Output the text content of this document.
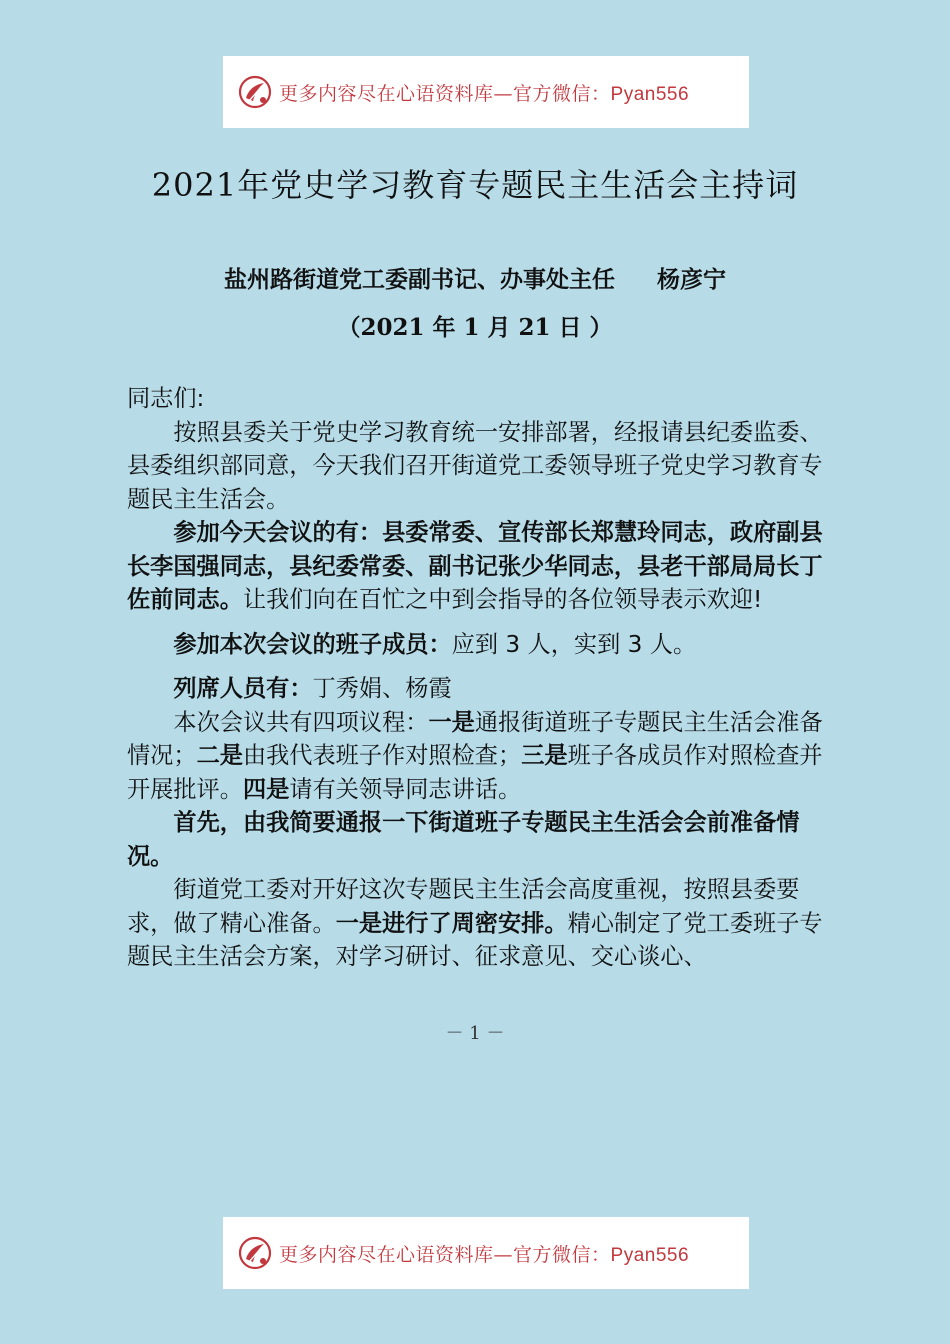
更多内容尽在心语资料库—官方微信：Pyan556
2021年党史学习教育专题民主生活会主持词
盐州路街道党工委副书记、办事处主任 杨彦宁
（2021 年 1 月 21 日 ）

同志们:

按照县委关于党史学习教育统一安排部署，经报请县纪委监委、县委组织部同意，今天我们召开街道党工委领导班子党史学习教育专题民主生活会。

参加今天会议的有：县委常委、宣传部长郑慧玲同志，政府副县长李国强同志，县纪委常委、副书记张少华同志，县老干部局局长丁佐前同志。让我们向在百忙之中到会指导的各位领导表示欢迎!

参加本次会议的班子成员：应到 3 人，实到 3 人。

列席人员有：丁秀娟、杨霞

本次会议共有四项议程：一是通报街道班子专题民主生活会准备情况；二是由我代表班子作对照检查；三是班子各成员作对照检查并开展批评。四是请有关领导同志讲话。

首先，由我简要通报一下街道班子专题民主生活会会前准备情况。

街道党工委对开好这次专题民主生活会高度重视，按照县委要求，做了精心准备。一是进行了周密安排。精心制定了党工委班子专题民主生活会方案，对学习研讨、征求意见、交心谈心、

－ 1 －
更多内容尽在心语资料库—官方微信：Pyan556
